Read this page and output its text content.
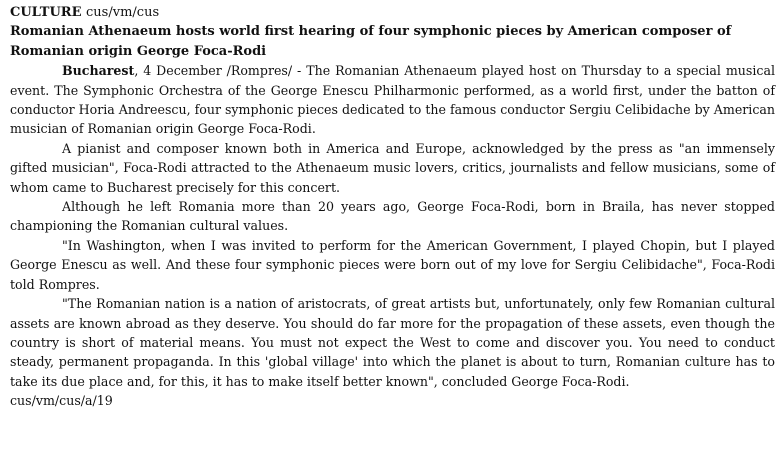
CULTURE cus/vm/cus
Romanian Athenaeum hosts world first hearing of four symphonic pieces by American composer of Romanian origin George Foca-Rodi

Bucharest, 4 December /Rompres/ - The Romanian Athenaeum played host on Thursday to a special musical event. The Symphonic Orchestra of the George Enescu Philharmonic performed, as a world first, under the batton of conductor Horia Andreescu, four symphonic pieces dedicated to the famous conductor Sergiu Celibidache by American musician of Romanian origin George Foca-Rodi.

A pianist and composer known both in America and Europe, acknowledged by the press as "an immensely gifted musician", Foca-Rodi attracted to the Athenaeum music lovers, critics, journalists and fellow musicians, some of whom came to Bucharest precisely for this concert.

Although he left Romania more than 20 years ago, George Foca-Rodi, born in Braila, has never stopped championing the Romanian cultural values.

"In Washington, when I was invited to perform for the American Government, I played Chopin, but I played George Enescu as well. And these four symphonic pieces were born out of my love for Sergiu Celibidache", Foca-Rodi told Rompres.

"The Romanian nation is a nation of aristocrats, of great artists but, unfortunately, only few Romanian cultural assets are known abroad as they deserve. You should do far more for the propagation of these assets, even though the country is short of material means. You must not expect the West to come and discover you. You need to conduct steady, permanent propaganda. In this 'global village' into which the planet is about to turn, Romanian culture has to take its due place and, for this, it has to make itself better known", concluded George Foca-Rodi.

cus/vm/cus/a/19
